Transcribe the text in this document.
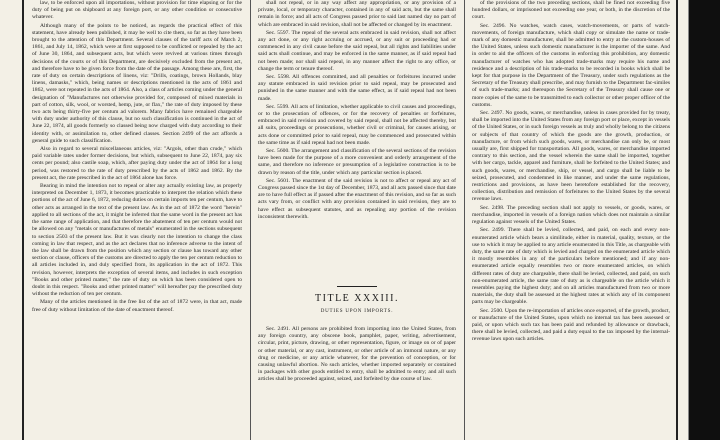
law, to be enforced upon all importations, without provision for time elapsing or for the duty of being put on shipboard at any foreign port, or any other condition or consecutive whatever.

Although many of the points to be noticed, as regards the practical effect of this statement, have already been published, it may be well to cite them, so far as they have been brought to the attention of this Department. Several clauses of the tariff acts of March 2, 1861, and July 14, 1862, which were at first supposed to be conflicted or repealed by the act of June 30, 1864, and subsequent acts, but which were revived at various times through decisions of the courts or of this Department, are decisively excluded from the present act, and therefore have to be given force from the date of the passage. Among these are, first, the rate of duty on certain descriptions of linens, viz: "Drills, coatings, brown Hollands, blay linens, damasks," which, being names or descriptions mentioned in the acts of 1861 and 1862, were not repeated in the acts of 1864. Also, a class of articles coming under the general designation of "Manufactures not otherwise provided for, composed of mixed materials in part of cotton, silk, wool, or worsted, hemp, jute, or flax," the rate of duty imposed by these two acts being thirty-five per centum ad valorem. Many fabrics have remained chargeable with duty under authority of this clause, but no such classification is continued in the act of June 22, 1874, all goods formerly so classed being now charged with duty according to their identity with, or assimilation to, other defined classes. Section 2499 of the act affords a general guide to such classification.

Also in regard to several miscellaneous articles, viz: "Argols, other than crude," which paid variable rates under former decisions, but which, subsequent to June 22, 1874, pay six cents per pound; also castile soap, which, after paying duty under the act of 1864 for a long period, was restored to the rate of duty prescribed by the acts of 1862 and 1862. By the present act, the rate prescribed in the act of 1864 alone has force.

Bearing in mind the intention not to repeal or alter any actually existing law, as properly interpreted on December 1, 1873, it becomes practicable to interpret the relation which these portions of the act of June 6, 1872, reducing duties on certain imports ten per centum, have to other acts as arranged in the text of the present law. As in the act of 1872 the word "herein" applied to all sections of the act, it might be inferred that the same word in the present act has the same range of application, and that therefore the abatement of ten per centum would not be allowed on any "metals or manufactures of metals" enumerated in the sections subsequent to section 2503 of the present law. But it was clearly not the intention to change the class coming in law that respect, and as the act declares that no inference adverse to the intent of the law shall be drawn from the position which any section or clause has toward any other section or clause, officers of the customs are directed to apply the ten per centum reduction to all articles included in, and duly specified from, its application in the act of 1872. This revision, however, interprets the exception of several items, and includes in such exception "Books and other printed matter," the rate of duty on which has been considered open to doubt in this respect. "Books and other printed matter" will hereafter pay the prescribed duty without the reduction of ten per centum.

Many of the articles mentioned in the free list of the act of 1872 were, in that act, made free of duty without limitation of the date of enactment thereof.

shall not repeal, or in any way affect any appropriation, or any provision of a private, local, or temporary character, contained in any of said acts, but the same shall remain in force; and all acts of Congress passed prior to said last named day no part of which are embraced in said revision, shall not be affected or changed by its enactment.

Sec. 5597. The repeal of the several acts embraced in said revision, shall not affect any act done, or any right accruing or accrued, or any suit or proceeding had or commenced in any civil cause before the said repeal, but all rights and liabilities under said acts shall continue, and may be enforced in the same manner, as if said repeal had not been made; nor shall said repeal, in any manner affect the right to any office, or change the term or tenure thereof.

Sec. 5598. All offences committed, and all penalties or forfeitures incurred under any statute embraced in said revision prior to said repeal, may be prosecuted and punished in the same manner and with the same effect, as if said repeal had not been made.

Sec. 5599. All acts of limitation, whether applicable to civil causes and proceedings, or to the prosecution of offences, or for the recovery of penalties or forfeitures, embraced in said revision and covered by said repeal, shall not be affected thereby, but all suits, proceedings or prosecutions, whether civil or criminal, for causes arising, or acts done or committed prior to said repeal, may be commenced and prosecuted within the same time as if said repeal had not been made.

Sec. 5600. The arrangement and classification of the several sections of the revision have been made for the purpose of a more convenient and orderly arrangement of the same, and therefore no inference or presumption of a legislative construction is to be drawn by reason of the title, under which any particular section is placed.

Sec. 5601. The enactment of the said revision is not to affect or repeal any act of Congress passed since the 1st day of December, 1873, and all acts passed since that date are to have full effect as if passed after the enactment of this revision, and so far as such acts vary from, or conflict with any provision contained in said revision, they are to have effect as subsequent statutes, and as repealing any portion of the revision inconsistent therewith.

TITLE XXXIII.
DUTIES UPON IMPORTS.

Sec. 2491. All persons are prohibited from importing into the United States, from any foreign country, any obscene book, pamphlet, paper, writing, advertisement, circular, print, picture, drawing, or other representation, figure, or image on or of paper or other material, or any cast, instrument, or other article of an immoral nature, or any drug or medicine, or any article whatever, for the prevention of conception, or for causing unlawful abortion. No such articles, whether imported separately or contained in packages with other goods entitled to entry, shall be admitted to entry; and all such articles shall be proceeded against, seized, and forfeited by due course of law.

of the provisions of the two preceding sections, shall be fined not exceeding five hundred dollars, or imprisoned not exceeding one year, or both, in the discretion of the court.

Sec. 2496. No watches, watch cases, watch-movements, or parts of watch-movements, of foreign manufacture, which shall copy or simulate the name or trade-mark of any domestic manufacturer, shall be admitted to entry at the custom-houses of the United States, unless such domestic manufacturer is the importer of the same. And in order to aid the officers of the customs in enforcing this prohibition, any domestic manufacturer of watches who has adopted trade-marks may require his name and residence and a description of his trade-marks to be recorded in books which shall be kept for that purpose in the Department of the Treasury, under such regulations as the Secretary of the Treasury shall prescribe, and may furnish to the Department fac-similes of such trade-marks; and thereupon the Secretary of the Treasury shall cause one or more copies of the same to be transmitted to each collector or other proper officer of the customs.

Sec. 2497. No goods, wares, or merchandise, unless in cases provided for by treaty, shall be imported into the United States from any foreign port or place, except in vessels of the United States, or in such foreign vessels as truly and wholly belong to the citizens or subjects of that country of which the goods are the growth, production, or manufacture, or from which such goods, wares, or merchandise can only be, or most usually are, first shipped for transportation. All goods, wares, or merchandise imported contrary to this section, and the vessel wherein the same shall be imported, together with her cargo, tackle, apparel and furniture, shall be forfeited to the United States; and such goods, wares, or merchandise, ship, or vessel, and cargo shall be liable to be seized, prosecuted, and condemned in like manner, and under the same regulations, restrictions and provisions, as have been heretofore established for the recovery, collection, distribution and remission of forfeitures to the United States by the several revenue laws.

Sec. 2498. The preceding section shall not apply to vessels, or goods, wares, or merchandise, imported in vessels of a foreign nation which does not maintain a similar regulation against vessels of the United States.

Sec. 2499. There shall be levied, collected, and paid, on each and every non-enumerated article which bears a similitude, either in material, quality, texture, or the use to which it may be applied to any article enumerated in this Title, as chargeable with duty, the same rate of duty which is levied and charged on the enumerated article which it mostly resembles in any of the particulars before mentioned; and if any non-enumerated article equally resembles two or more enumerated articles, on which different rates of duty are chargeable, there shall be levied, collected, and paid, on such non-enumerated article, the same rate of duty as is chargeable on the article which it resembles paying the highest duty; and on all articles manufactured from two or more materials, the duty shall be assessed at the highest rates at which any of its component parts may be chargeable.

Sec. 2500. Upon the re-importation of articles once exported, of the growth, product, or manufacture of the United States, upon which no internal tax has been assessed or paid, or upon which such tax has been paid and refunded by allowance or drawback, there shall be levied, collected, and paid a duty equal to the tax imposed by the internal-revenue laws upon such articles.
